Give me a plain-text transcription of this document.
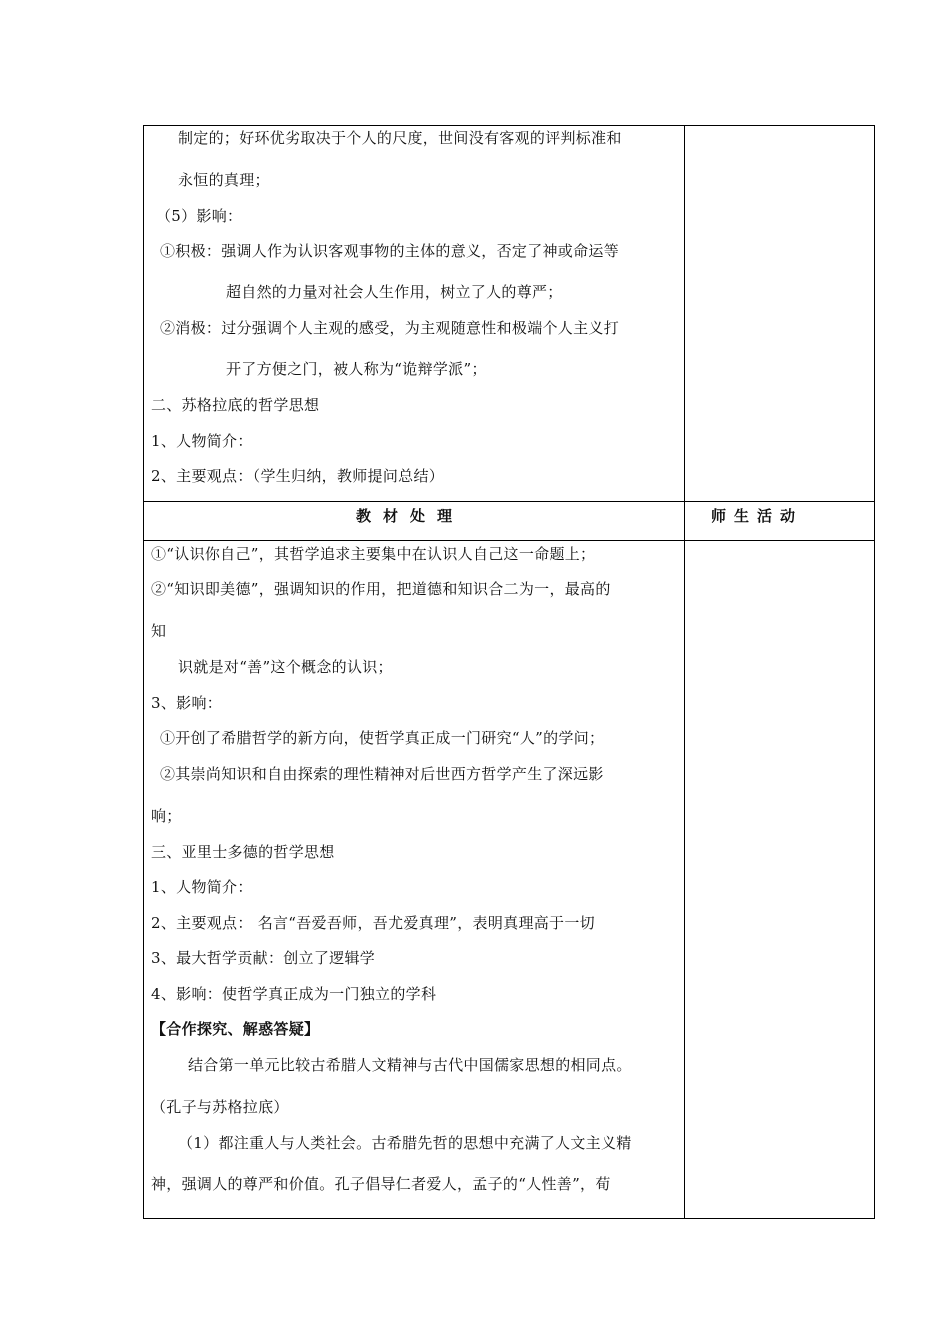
制定的；好环优劣取决于个人的尺度，世间没有客观的评判标准和
永恒的真理；
（5）影响：
①积极：强调人作为认识客观事物的主体的意义，否定了神或命运等
超自然的力量对社会人生作用，树立了人的尊严；
②消极：过分强调个人主观的感受，为主观随意性和极端个人主义打
开了方便之门，被人称为“诡辩学派”；
二、苏格拉底的哲学思想
1、人物简介：
2、主要观点：（学生归纳，教师提问总结）
教材处理	师生活动
①“认识你自己”，其哲学追求主要集中在认识人自己这一命题上；
②“知识即美德”，强调知识的作用，把道德和知识合二为一，最高的
知
识就是对“善”这个概念的认识；
3、影响：
①开创了希腊哲学的新方向，使哲学真正成一门研究“人”的学问；
②其崇尚知识和自由探索的理性精神对后世西方哲学产生了深远影
响；
三、亚里士多德的哲学思想
1、人物简介：
2、主要观点： 名言“吾爱吾师，吾尤爱真理”，表明真理高于一切
3、最大哲学贡献：创立了逻辑学
4、影响：使哲学真正成为一门独立的学科
【合作探究、解惑答疑】
结合第一单元比较古希腊人文精神与古代中国儒家思想的相同点。
（孔子与苏格拉底）
（1）都注重人与人类社会。古希腊先哲的思想中充满了人文主义精
神，强调人的尊严和价值。孔子倡导仁者爱人，孟子的“人性善”，荀
